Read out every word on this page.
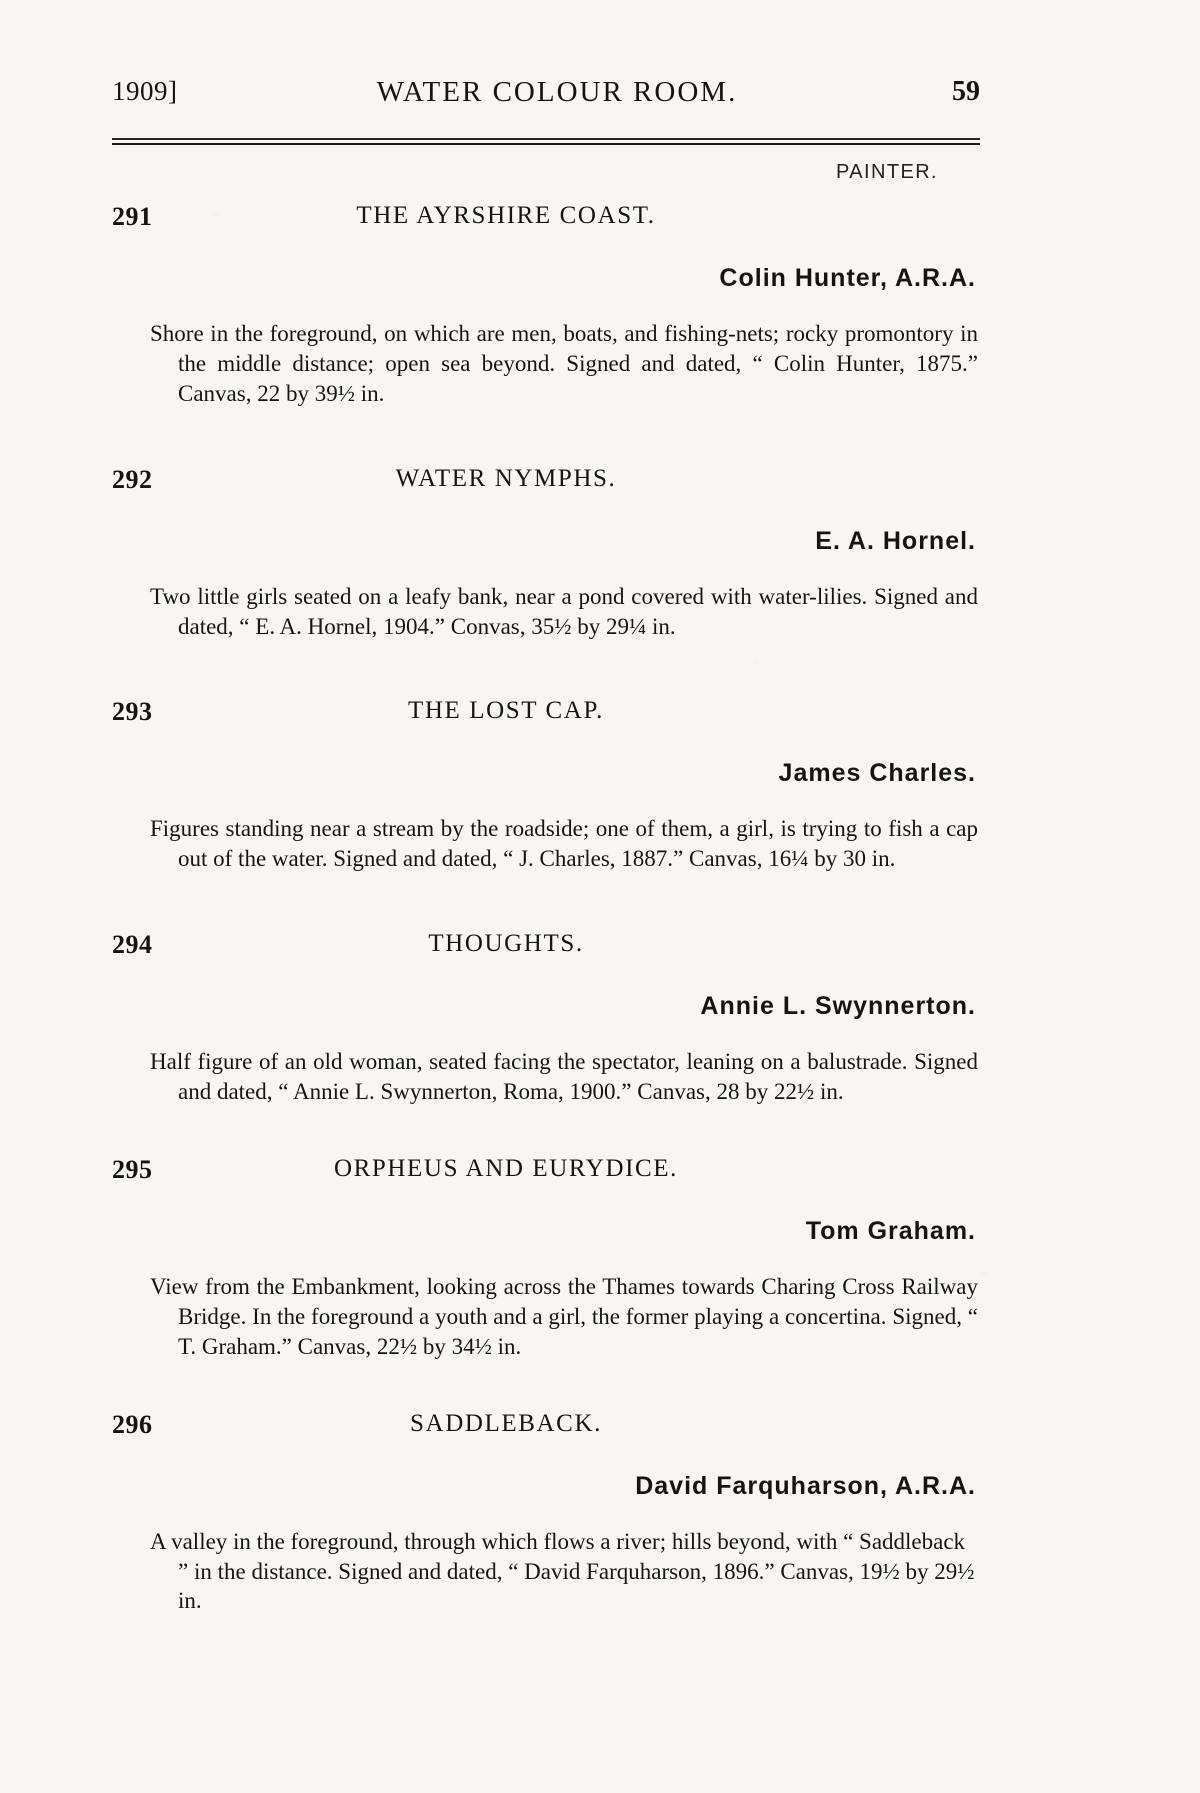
1909]	WATER COLOUR ROOM.	59
PAINTER.
291	THE AYRSHIRE COAST.
Colin Hunter, A.R.A.
Shore in the foreground, on which are men, boats, and fishing-nets; rocky promontory in the middle distance; open sea beyond. Signed and dated, “ Colin Hunter, 1875.” Canvas, 22 by 39½ in.
292	WATER NYMPHS.
E. A. Hornel.
Two little girls seated on a leafy bank, near a pond covered with water-lilies. Signed and dated, “ E. A. Hornel, 1904.” Convas, 35½ by 29¼ in.
293	THE LOST CAP.
James Charles.
Figures standing near a stream by the roadside; one of them, a girl, is trying to fish a cap out of the water. Signed and dated, “ J. Charles, 1887.” Canvas, 16¼ by 30 in.
294	THOUGHTS.
Annie L. Swynnerton.
Half figure of an old woman, seated facing the spectator, leaning on a balustrade. Signed and dated, “ Annie L. Swynnerton, Roma, 1900.” Canvas, 28 by 22½ in.
295	ORPHEUS AND EURYDICE.
Tom Graham.
View from the Embankment, looking across the Thames towards Charing Cross Railway Bridge. In the foreground a youth and a girl, the former playing a concertina. Signed, “ T. Graham.” Canvas, 22½ by 34½ in.
296	SADDLEBACK.
David Farquharson, A.R.A.
A valley in the foreground, through which flows a river; hills beyond, with “ Saddleback ” in the distance. Signed and dated, “ David Farquharson, 1896.” Canvas, 19½ by 29½ in.
